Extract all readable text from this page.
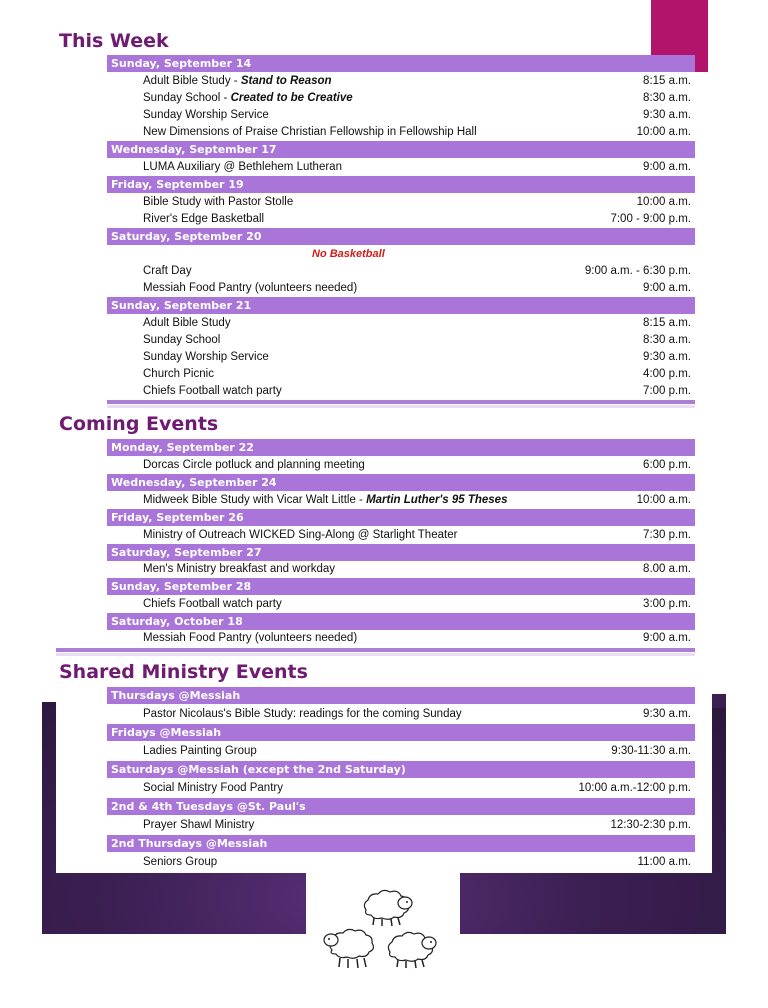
This Week
Sunday, September 14
Adult Bible Study - Stand to Reason	8:15 a.m.
Sunday School - Created to be Creative	8:30 a.m.
Sunday Worship Service	9:30 a.m.
New Dimensions of Praise Christian Fellowship in Fellowship Hall	10:00 a.m.
Wednesday, September 17
LUMA Auxiliary @ Bethlehem Lutheran	9:00 a.m.
Friday, September 19
Bible Study with Pastor Stolle	10:00 a.m.
River's Edge Basketball	7:00 - 9:00 p.m.
Saturday, September 20
No Basketball
Craft Day	9:00 a.m. - 6:30 p.m.
Messiah Food Pantry (volunteers needed)	9:00 a.m.
Sunday, September 21
Adult Bible Study	8:15 a.m.
Sunday School	8:30 a.m.
Sunday Worship Service	9:30 a.m.
Church Picnic	4:00 p.m.
Chiefs Football watch party	7:00 p.m.
Coming Events
Monday, September 22
Dorcas Circle potluck and planning meeting	6:00 p.m.
Wednesday, September 24
Midweek Bible Study with Vicar Walt Little - Martin Luther's 95 Theses	10:00 a.m.
Friday, September 26
Ministry of Outreach WICKED Sing-Along @ Starlight Theater	7:30 p.m.
Saturday, September 27
Men's Ministry breakfast and workday	8.00 a.m.
Sunday, September 28
Chiefs Football watch party	3:00 p.m.
Saturday, October 18
Messiah Food Pantry (volunteers needed)	9:00 a.m.
Shared Ministry Events
Thursdays @Messiah
Pastor Nicolaus's Bible Study: readings for the coming Sunday	9:30 a.m.
Fridays @Messiah
Ladies Painting Group	9:30-11:30 a.m.
Saturdays @Messiah (except the 2nd Saturday)
Social Ministry Food Pantry	10:00 a.m.-12:00 p.m.
2nd & 4th Tuesdays @St. Paul's
Prayer Shawl Ministry	12:30-2:30 p.m.
2nd Thursdays @Messiah
Seniors Group	11:00 a.m.
